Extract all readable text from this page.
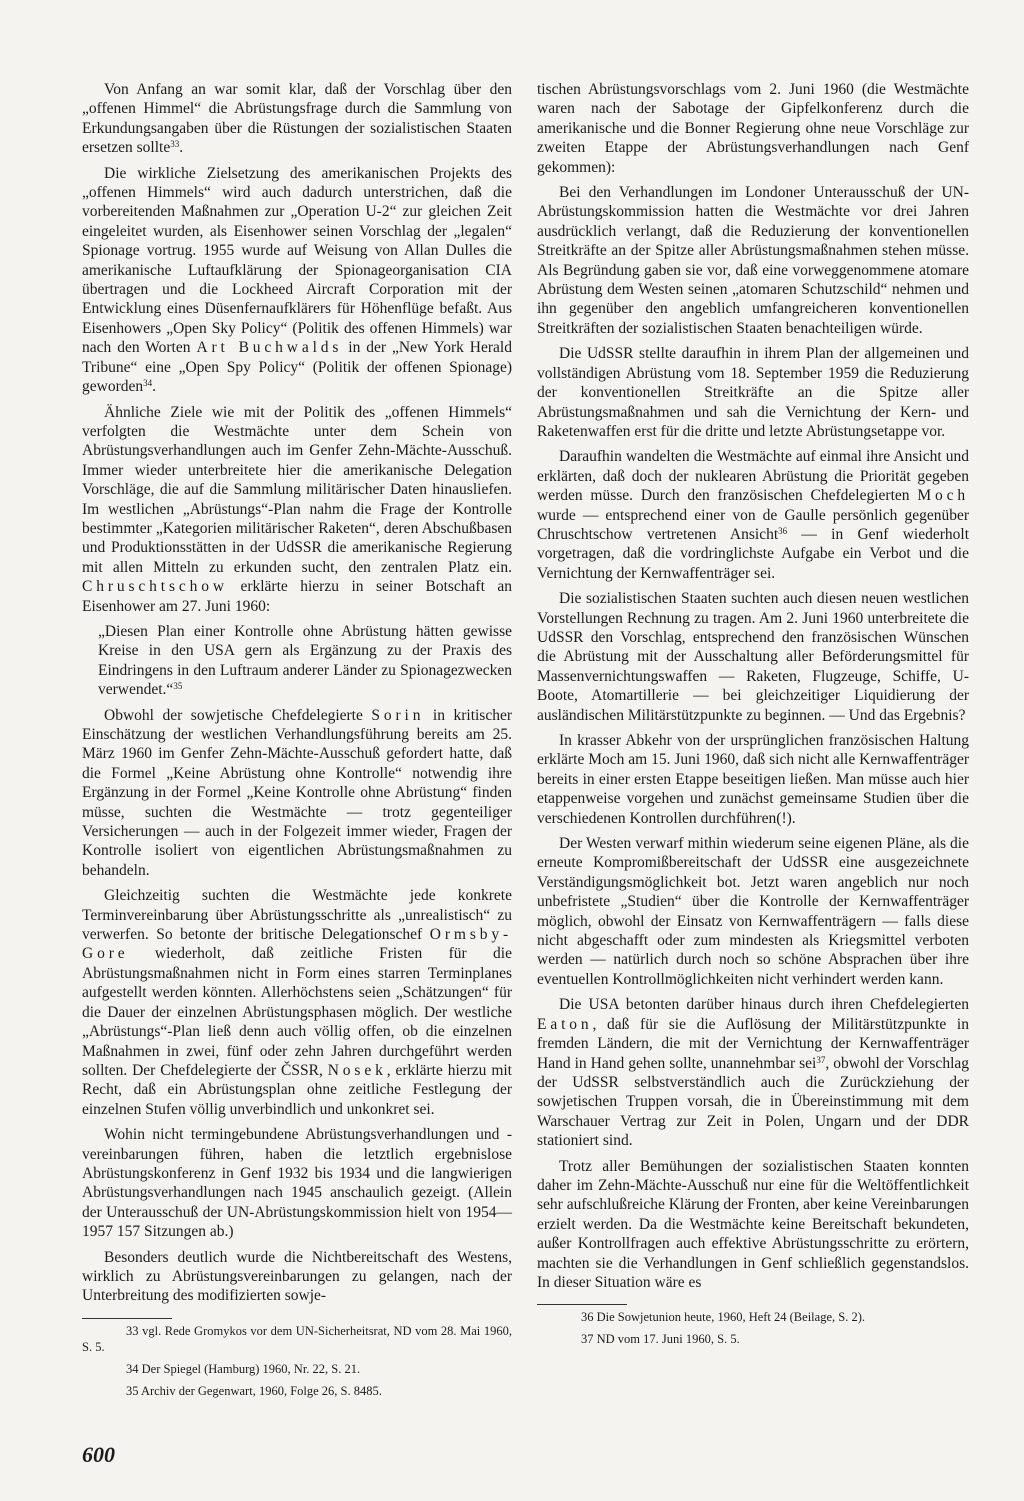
Von Anfang an war somit klar, daß der Vorschlag über den „offenen Himmel“ die Abrüstungsfrage durch die Sammlung von Erkundungsangaben über die Rüstungen der sozialistischen Staaten ersetzen sollte$^{33}$.

Die wirkliche Zielsetzung des amerikanischen Projekts des „offenen Himmels“ wird auch dadurch unterstrichen, daß die vorbereitenden Maßnahmen zur „Operation U-2“ zur gleichen Zeit eingeleitet wurden, als Eisenhower seinen Vorschlag der „legalen“ Spionage vortrug. 1955 wurde auf Weisung von Allan Dulles die amerikanische Luftaufklärung der Spionageorganisation CIA übertragen und die Lockheed Aircraft Corporation mit der Entwicklung eines Düsenfernaufklärers für Höhenflüge befaßt. Aus Eisenhowers „Open Sky Policy“ (Politik des offenen Himmels) war nach den Worten Art Buchwalds in der „New York Herald Tribune“ eine „Open Spy Policy“ (Politik der offenen Spionage) geworden$^{34}$.

Ähnliche Ziele wie mit der Politik des „offenen Himmels“ verfolgten die Westmächte unter dem Schein von Abrüstungsverhandlungen auch im Genfer Zehn-Mächte-Ausschuß. Immer wieder unterbreitete hier die amerikanische Delegation Vorschläge, die auf die Sammlung militärischer Daten hinausliefen. Im westlichen „Abrüstungs“-Plan nahm die Frage der Kontrolle bestimmter „Kategorien militärischer Raketen“, deren Abschußbasen und Produktionsstätten in der UdSSR die amerikanische Regierung mit allen Mitteln zu erkunden sucht, den zentralen Platz ein. Chruschtschow erklärte hierzu in seiner Botschaft an Eisenhower am 27. Juni 1960:

„Diesen Plan einer Kontrolle ohne Abrüstung hätten gewisse Kreise in den USA gern als Ergänzung zu der Praxis des Eindringens in den Luftraum anderer Länder zu Spionagezwecken verwendet.“$^{35}$

Obwohl der sowjetische Chefdelegierte Sorin in kritischer Einschätzung der westlichen Verhandlungsführung bereits am 25. März 1960 im Genfer Zehn-Mächte-Ausschuß gefordert hatte, daß die Formel „Keine Abrüstung ohne Kontrolle“ notwendig ihre Ergänzung in der Formel „Keine Kontrolle ohne Abrüstung“ finden müsse, suchten die Westmächte — trotz gegenteiliger Versicherungen — auch in der Folgezeit immer wieder, Fragen der Kontrolle isoliert von eigentlichen Abrüstungsmaßnahmen zu behandeln.

Gleichzeitig suchten die Westmächte jede konkrete Terminvereinbarung über Abrüstungsschritte als „unrealistisch“ zu verwerfen. So betonte der britische Delegationschef Ormsby-Gore wiederholt, daß zeitliche Fristen für die Abrüstungsmaßnahmen nicht in Form eines starren Terminplanes aufgestellt werden könnten. Allerhöchstens seien „Schätzungen“ für die Dauer der einzelnen Abrüstungsphasen möglich. Der westliche „Abrüstungs“-Plan ließ denn auch völlig offen, ob die einzelnen Maßnahmen in zwei, fünf oder zehn Jahren durchgeführt werden sollten. Der Chefdelegierte der ČSSR, Nosek, erklärte hierzu mit Recht, daß ein Abrüstungsplan ohne zeitliche Festlegung der einzelnen Stufen völlig unverbindlich und unkonkret sei.

Wohin nicht termingebundene Abrüstungsverhandlungen und -vereinbarungen führen, haben die letztlich ergebnislose Abrüstungskonferenz in Genf 1932 bis 1934 und die langwierigen Abrüstungsverhandlungen nach 1945 anschaulich gezeigt. (Allein der Unterausschuß der UN-Abrüstungskommission hielt von 1954—1957 157 Sitzungen ab.)

Besonders deutlich wurde die Nichtbereitschaft des Westens, wirklich zu Abrüstungsvereinbarungen zu gelangen, nach der Unterbreitung des modifizierten sowje-

33 vgl. Rede Gromykos vor dem UN-Sicherheitsrat, ND vom 28. Mai 1960, S. 5.

34 Der Spiegel (Hamburg) 1960, Nr. 22, S. 21.

35 Archiv der Gegenwart, 1960, Folge 26, S. 8485.

tischen Abrüstungsvorschlags vom 2. Juni 1960 (die Westmächte waren nach der Sabotage der Gipfelkonferenz durch die amerikanische und die Bonner Regierung ohne neue Vorschläge zur zweiten Etappe der Abrüstungsverhandlungen nach Genf gekommen):

Bei den Verhandlungen im Londoner Unterausschuß der UN-Abrüstungskommission hatten die Westmächte vor drei Jahren ausdrücklich verlangt, daß die Reduzierung der konventionellen Streitkräfte an der Spitze aller Abrüstungsmaßnahmen stehen müsse. Als Begründung gaben sie vor, daß eine vorweggenommene atomare Abrüstung dem Westen seinen „atomaren Schutzschild“ nehmen und ihn gegenüber den angeblich umfangreicheren konventionellen Streitkräften der sozialistischen Staaten benachteiligen würde.

Die UdSSR stellte daraufhin in ihrem Plan der allgemeinen und vollständigen Abrüstung vom 18. September 1959 die Reduzierung der konventionellen Streitkräfte an die Spitze aller Abrüstungsmaßnahmen und sah die Vernichtung der Kern- und Raketenwaffen erst für die dritte und letzte Abrüstungsetappe vor.

Daraufhin wandelten die Westmächte auf einmal ihre Ansicht und erklärten, daß doch der nuklearen Abrüstung die Priorität gegeben werden müsse. Durch den französischen Chefdelegierten Moch wurde — entsprechend einer von de Gaulle persönlich gegenüber Chruschtschow vertretenen Ansicht$^{36}$ — in Genf wiederholt vorgetragen, daß die vordringlichste Aufgabe ein Verbot und die Vernichtung der Kernwaffenträger sei.

Die sozialistischen Staaten suchten auch diesen neuen westlichen Vorstellungen Rechnung zu tragen. Am 2. Juni 1960 unterbreitete die UdSSR den Vorschlag, entsprechend den französischen Wünschen die Abrüstung mit der Ausschaltung aller Beförderungsmittel für Massenvernichtungswaffen — Raketen, Flugzeuge, Schiffe, U-Boote, Atomartillerie — bei gleichzeitiger Liquidierung der ausländischen Militärstützpunkte zu beginnen. — Und das Ergebnis?

In krasser Abkehr von der ursprünglichen französischen Haltung erklärte Moch am 15. Juni 1960, daß sich nicht alle Kernwaffenträger bereits in einer ersten Etappe beseitigen ließen. Man müsse auch hier etappenweise vorgehen und zunächst gemeinsame Studien über die verschiedenen Kontrollen durchführen(!).

Der Westen verwarf mithin wiederum seine eigenen Pläne, als die erneute Kompromißbereitschaft der UdSSR eine ausgezeichnete Verständigungsmöglichkeit bot. Jetzt waren angeblich nur noch unbefristete „Studien“ über die Kontrolle der Kernwaffenträger möglich, obwohl der Einsatz von Kernwaffenträgern — falls diese nicht abgeschafft oder zum mindesten als Kriegsmittel verboten werden — natürlich durch noch so schöne Absprachen über ihre eventuellen Kontrollmöglichkeiten nicht verhindert werden kann.

Die USA betonten darüber hinaus durch ihren Chefdelegierten Eaton, daß für sie die Auflösung der Militärstützpunkte in fremden Ländern, die mit der Vernichtung der Kernwaffenträger Hand in Hand gehen sollte, unannehmbar sei$^{37}$, obwohl der Vorschlag der UdSSR selbstverständlich auch die Zurückziehung der sowjetischen Truppen vorsah, die in Übereinstimmung mit dem Warschauer Vertrag zur Zeit in Polen, Ungarn und der DDR stationiert sind.

Trotz aller Bemühungen der sozialistischen Staaten konnten daher im Zehn-Mächte-Ausschuß nur eine für die Weltöffentlichkeit sehr aufschlußreiche Klärung der Fronten, aber keine Vereinbarungen erzielt werden. Da die Westmächte keine Bereitschaft bekundeten, außer Kontrollfragen auch effektive Abrüstungsschritte zu erörtern, machten sie die Verhandlungen in Genf schließlich gegenstandslos. In dieser Situation wäre es

36 Die Sowjetunion heute, 1960, Heft 24 (Beilage, S. 2).

37 ND vom 17. Juni 1960, S. 5.

600
